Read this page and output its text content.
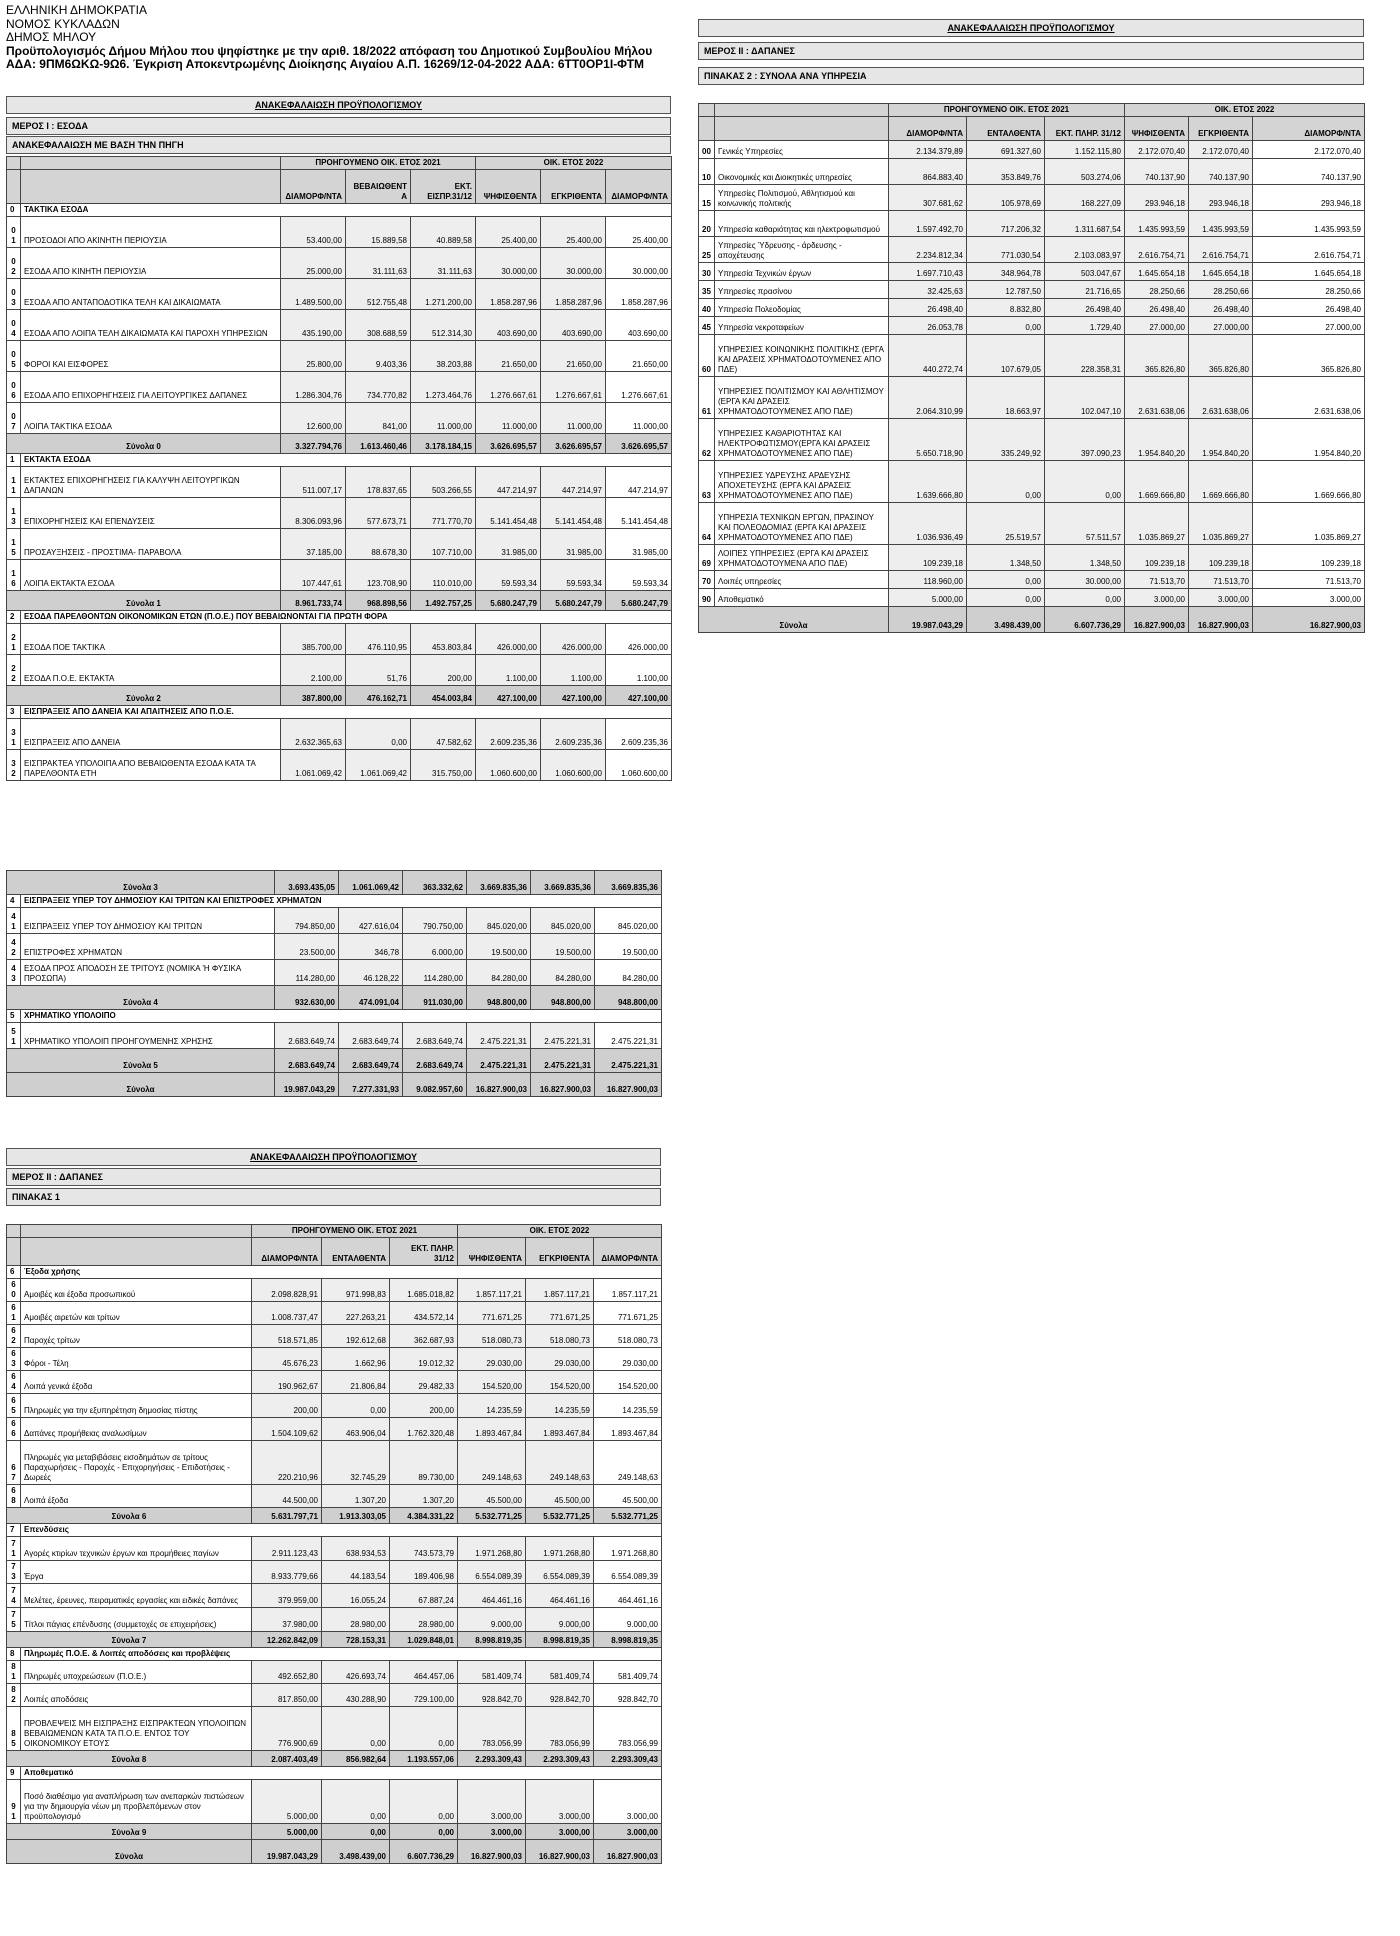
ΕΛΛΗΝΙΚΗ ΔΗΜΟΚΡΑΤΙΑ
ΝΟΜΟΣ ΚΥΚΛΑΔΩΝ
ΔΗΜΟΣ ΜΗΛΟΥ
Προϋπολογισμός Δήμου Μήλου που ψηφίστηκε με την αριθ. 18/2022 απόφαση του Δημοτικού Συμβουλίου Μήλου
ΑΔΑ: 9ΠΜ6ΩΚΩ-9Ω6. Έγκριση Αποκεντρωμένης Διοίκησης Αιγαίου Α.Π. 16269/12-04-2022 ΑΔΑ: 6ΤΤ0ΟΡ1Ι-ΦΤΜ
ΑΝΑΚΕΦΑΛΑΙΩΣΗ ΠΡΟΫΠΟΛΟΓΙΣΜΟΥ
ΜΕΡΟΣ Ι : ΕΣΟΔΑ
ΑΝΑΚΕΦΑΛΑΙΩΣΗ ΜΕ ΒΑΣΗ ΤΗΝ ΠΗΓΗ
		ΠΡΟΗΓΟΥΜΕΝΟ ΟΙΚ. ΕΤΟΣ 2021			ΟΙΚ. ΕΤΟΣ 2022		
		ΔΙΑΜΟΡΦ/ΝΤΑ	ΒΕΒΑΙΩΘΕΝΤΑ	ΕΚΤ. ΕΙΣΠΡ.31/12	ΨΗΦΙΣΘΕΝΤΑ	ΕΓΚΡΙΘΕΝΤΑ	ΔΙΑΜΟΡΦ/ΝΤΑ
0	ΤΑΚΤΙΚΑ ΕΣΟΔΑ						
01	ΠΡΟΣΟΔΟΙ ΑΠΟ ΑΚΙΝΗΤΗ ΠΕΡΙΟΥΣΙΑ	53.400,00	15.889,58	40.889,58	25.400,00	25.400,00	25.400,00
02	ΕΣΟΔΑ ΑΠΟ ΚΙΝΗΤΗ ΠΕΡΙΟΥΣΙΑ	25.000,00	31.111,63	31.111,63	30.000,00	30.000,00	30.000,00
03	ΕΣΟΔΑ ΑΠΟ ΑΝΤΑΠΟΔΟΤΙΚΑ ΤΕΛΗ ΚΑΙ ΔΙΚΑΙΩΜΑΤΑ	1.489.500,00	512.755,48	1.271.200,00	1.858.287,96	1.858.287,96	1.858.287,96
04	ΕΣΟΔΑ ΑΠΟ ΛΟΙΠΑ ΤΕΛΗ ΔΙΚΑΙΩΜΑΤΑ ΚΑΙ ΠΑΡΟΧΗ ΥΠΗΡΕΣΙΩΝ	435.190,00	308.688,59	512.314,30	403.690,00	403.690,00	403.690,00
05	ΦΟΡΟΙ ΚΑΙ ΕΙΣΦΟΡΕΣ	25.800,00	9.403,36	38.203,88	21.650,00	21.650,00	21.650,00
06	ΕΣΟΔΑ ΑΠΟ ΕΠΙΧΟΡΗΓΗΣΕΙΣ ΓΙΑ ΛΕΙΤΟΥΡΓΙΚΕΣ ΔΑΠΑΝΕΣ	1.286.304,76	734.770,82	1.273.464,76	1.276.667,61	1.276.667,61	1.276.667,61
07	ΛΟΙΠΑ ΤΑΚΤΙΚΑ ΕΣΟΔΑ	12.600,00	841,00	11.000,00	11.000,00	11.000,00	11.000,00
Σύνολα 0		3.327.794,76	1.613.460,46	3.178.184,15	3.626.695,57	3.626.695,57	3.626.695,57
1	ΕΚΤΑΚΤΑ ΕΣΟΔΑ						
11	ΕΚΤΑΚΤΕΣ ΕΠΙΧΟΡΗΓΗΣΕΙΣ ΓΙΑ ΚΑΛΥΨΗ ΛΕΙΤΟΥΡΓΙΚΩΝ ΔΑΠΑΝΩΝ	511.007,17	178.837,65	503.266,55	447.214,97	447.214,97	447.214,97
13	ΕΠΙΧΟΡΗΓΗΣΕΙΣ ΚΑΙ ΕΠΕΝΔΥΣΕΙΣ	8.306.093,96	577.673,71	771.770,70	5.141.454,48	5.141.454,48	5.141.454,48
15	ΠΡΟΣΑΥΞΗΣΕΙΣ - ΠΡΟΣΤΙΜΑ- ΠΑΡΑΒΟΛΑ	37.185,00	88.678,30	107.710,00	31.985,00	31.985,00	31.985,00
16	ΛΟΙΠΑ ΕΚΤΑΚΤΑ ΕΣΟΔΑ	107.447,61	123.708,90	110.010,00	59.593,34	59.593,34	59.593,34
Σύνολα 1		8.961.733,74	968.898,56	1.492.757,25	5.680.247,79	5.680.247,79	5.680.247,79
2	ΕΣΟΔΑ ΠΑΡΕΛΘΟΝΤΩΝ ΟΙΚΟΝΟΜΙΚΩΝ ΕΤΩΝ (Π.Ο.Ε.) ΠΟΥ ΒΕΒΑΙΩΝΟΝΤΑΙ ΓΙΑ ΠΡΩΤΗ ΦΟΡΑ						
21	ΕΣΟΔΑ ΠΟΕ ΤΑΚΤΙΚΑ	385.700,00	476.110,95	453.803,84	426.000,00	426.000,00	426.000,00
22	ΕΣΟΔΑ Π.Ο.Ε. ΕΚΤΑΚΤΑ	2.100,00	51,76	200,00	1.100,00	1.100,00	1.100,00
Σύνολα 2		387.800,00	476.162,71	454.003,84	427.100,00	427.100,00	427.100,00
3	ΕΙΣΠΡΑΞΕΙΣ ΑΠΟ ΔΑΝΕΙΑ ΚΑΙ ΑΠΑΙΤΗΣΕΙΣ ΑΠΟ Π.Ο.Ε.						
31	ΕΙΣΠΡΑΞΕΙΣ ΑΠΟ ΔΑΝΕΙΑ	2.632.365,63	0,00	47.582,62	2.609.235,36	2.609.235,36	2.609.235,36
32	ΕΙΣΠΡΑΚΤΕΑ ΥΠΟΛΟΙΠΑ ΑΠΟ ΒΕΒΑΙΩΘΕΝΤΑ ΕΣΟΔΑ ΚΑΤΑ ΤΑ ΠΑΡΕΛΘΟΝΤΑ ΕΤΗ	1.061.069,42	1.061.069,42	315.750,00	1.060.600,00	1.060.600,00	1.060.600,00
Σύνολα 3		3.693.435,05	1.061.069,42	363.332,62	3.669.835,36	3.669.835,36	3.669.835,36
4	ΕΙΣΠΡΑΞΕΙΣ ΥΠΕΡ ΤΟΥ ΔΗΜΟΣΙΟΥ ΚΑΙ ΤΡΙΤΩΝ ΚΑΙ ΕΠΙΣΤΡΟΦΕΣ ΧΡΗΜΑΤΩΝ						
41	ΕΙΣΠΡΑΞΕΙΣ ΥΠΕΡ ΤΟΥ ΔΗΜΟΣΙΟΥ ΚΑΙ ΤΡΙΤΩΝ	794.850,00	427.616,04	790.750,00	845.020,00	845.020,00	845.020,00
42	ΕΠΙΣΤΡΟΦΕΣ ΧΡΗΜΑΤΩΝ	23.500,00	346,78	6.000,00	19.500,00	19.500,00	19.500,00
43	ΕΣΟΔΑ ΠΡΟΣ ΑΠΟΔΟΣΗ ΣΕ ΤΡΙΤΟΥΣ (ΝΟΜΙΚΑ 'Η ΦΥΣΙΚΑ ΠΡΟΣΩΠΑ)	114.280,00	46.128,22	114.280,00	84.280,00	84.280,00	84.280,00
Σύνολα 4		932.630,00	474.091,04	911.030,00	948.800,00	948.800,00	948.800,00
5	ΧΡΗΜΑΤΙΚΟ ΥΠΟΛΟΙΠΟ						
51	ΧΡΗΜΑΤΙΚΟ ΥΠΟΛΟΙΠ ΠΡΟΗΓΟΥΜΕΝΗΣ ΧΡΗΣΗΣ	2.683.649,74	2.683.649,74	2.683.649,74	2.475.221,31	2.475.221,31	2.475.221,31
Σύνολα 5		2.683.649,74	2.683.649,74	2.683.649,74	2.475.221,31	2.475.221,31	2.475.221,31
Σύνολα		19.987.043,29	7.277.331,93	9.082.957,60	16.827.900,03	16.827.900,03	16.827.900,03
ΑΝΑΚΕΦΑΛΑΙΩΣΗ ΠΡΟΫΠΟΛΟΓΙΣΜΟΥ
ΜΕΡΟΣ ΙΙ : ΔΑΠΑΝΕΣ
ΠΙΝΑΚΑΣ 1
		ΠΡΟΗΓΟΥΜΕΝΟ ΟΙΚ. ΕΤΟΣ 2021			ΟΙΚ. ΕΤΟΣ 2022		
		ΔΙΑΜΟΡΦ/ΝΤΑ	ΕΝΤΑΛΘΕΝΤΑ	ΕΚΤ. ΠΛΗΡ. 31/12	ΨΗΦΙΣΘΕΝΤΑ	ΕΓΚΡΙΘΕΝΤΑ	ΔΙΑΜΟΡΦ/ΝΤΑ
6	Έξοδα χρήσης						
60	Αμοιβές και έξοδα προσωπικού	2.098.828,91	971.998,83	1.685.018,82	1.857.117,21	1.857.117,21	1.857.117,21
61	Αμοιβές αιρετών και τρίτων	1.008.737,47	227.263,21	434.572,14	771.671,25	771.671,25	771.671,25
62	Παροχές τρίτων	518.571,85	192.612,68	362.687,93	518.080,73	518.080,73	518.080,73
63	Φόροι - Τέλη	45.676,23	1.662,96	19.012,32	29.030,00	29.030,00	29.030,00
64	Λοιπά γενικά έξοδα	190.962,67	21.806,84	29.482,33	154.520,00	154.520,00	154.520,00
65	Πληρωμές για την εξυπηρέτηση δημοσίας πίστης	200,00	0,00	200,00	14.235,59	14.235,59	14.235,59
66	Δαπάνες προμήθειας αναλωσίμων	1.504.109,62	463.906,04	1.762.320,48	1.893.467,84	1.893.467,84	1.893.467,84
67	Πληρωμές για μεταβιβάσεις εισοδημάτων σε τρίτους Παραχωρήσεις - Παροχές - Επιχορηγήσεις - Επιδοτήσεις - Δωρεές	220.210,96	32.745,29	89.730,00	249.148,63	249.148,63	249.148,63
68	Λοιπά έξοδα	44.500,00	1.307,20	1.307,20	45.500,00	45.500,00	45.500,00
Σύνολα 6		5.631.797,71	1.913.303,05	4.384.331,22	5.532.771,25	5.532.771,25	5.532.771,25
7	Επενδύσεις						
71	Αγορές κτιρίων τεχνικών έργων και προμήθειες παγίων	2.911.123,43	638.934,53	743.573,79	1.971.268,80	1.971.268,80	1.971.268,80
73	Έργα	8.933.779,66	44.183,54	189.406,98	6.554.089,39	6.554.089,39	6.554.089,39
74	Μελέτες, έρευνες, πειραματικές εργασίες και ειδικές δαπάνες	379.959,00	16.055,24	67.887,24	464.461,16	464.461,16	464.461,16
75	Τίτλοι πάγιας επένδυσης (συμμετοχές σε επιχειρήσεις)	37.980,00	28.980,00	28.980,00	9.000,00	9.000,00	9.000,00
Σύνολα 7		12.262.842,09	728.153,31	1.029.848,01	8.998.819,35	8.998.819,35	8.998.819,35
8	Πληρωμές Π.Ο.Ε. & Λοιπές αποδόσεις και προβλέψεις						
81	Πληρωμές υποχρεώσεων (Π.Ο.Ε.)	492.652,80	426.693,74	464.457,06	581.409,74	581.409,74	581.409,74
82	Λοιπές αποδόσεις	817.850,00	430.288,90	729.100,00	928.842,70	928.842,70	928.842,70
85	ΠΡΟΒΛΕΨΕΙΣ ΜΗ ΕΙΣΠΡΑΞΗΣ ΕΙΣΠΡΑΚΤΕΩΝ ΥΠΟΛΟΙΠΩΝ ΒΕΒΑΙΩΜΕΝΩΝ ΚΑΤΑ ΤΑ Π.Ο.Ε. ΕΝΤΟΣ ΤΟΥ ΟΙΚΟΝΟΜΙΚΟΥ ΕΤΟΥΣ	776.900,69	0,00	0,00	783.056,99	783.056,99	783.056,99
Σύνολα 8		2.087.403,49	856.982,64	1.193.557,06	2.293.309,43	2.293.309,43	2.293.309,43
9	Αποθεματικό						
91	Ποσό διαθέσιμο για αναπλήρωση των ανεπαρκών πιστώσεων για την δημιουργία νέων μη προβλεπόμενων στον προϋπολογισμό	5.000,00	0,00	0,00	3.000,00	3.000,00	3.000,00
Σύνολα 9		5.000,00	0,00	0,00	3.000,00	3.000,00	3.000,00
Σύνολα		19.987.043,29	3.498.439,00	6.607.736,29	16.827.900,03	16.827.900,03	16.827.900,03
ΑΝΑΚΕΦΑΛΑΙΩΣΗ ΠΡΟΫΠΟΛΟΓΙΣΜΟΥ
ΜΕΡΟΣ ΙΙ : ΔΑΠΑΝΕΣ
ΠΙΝΑΚΑΣ 2 : ΣΥΝΟΛΑ ΑΝΑ ΥΠΗΡΕΣΙΑ
		ΠΡΟΗΓΟΥΜΕΝΟ ΟΙΚ. ΕΤΟΣ 2021			ΟΙΚ. ΕΤΟΣ 2022		
		ΔΙΑΜΟΡΦ/ΝΤΑ	ΕΝΤΑΛΘΕΝΤΑ	ΕΚΤ. ΠΛΗΡ. 31/12	ΨΗΦΙΣΘΕΝΤΑ	ΕΓΚΡΙΘΕΝΤΑ	ΔΙΑΜΟΡΦ/ΝΤΑ
00	Γενικές Υπηρεσίες	2.134.379,89	691.327,60	1.152.115,80	2.172.070,40	2.172.070,40	2.172.070,40
10	Οικονομικές και Διοικητικές υπηρεσίες	864.883,40	353.849,76	503.274,06	740.137,90	740.137,90	740.137,90
15	Υπηρεσίες Πολιτισμού, Αθλητισμού και κοινωνικής πολιτικής	307.681,62	105.978,69	168.227,09	293.946,18	293.946,18	293.946,18
20	Υπηρεσία καθαριότητας και ηλεκτροφωτισμού	1.597.492,70	717.206,32	1.311.687,54	1.435.993,59	1.435.993,59	1.435.993,59
25	Υπηρεσίες Ύδρευσης - άρδευσης - αποχέτευσης	2.234.812,34	771.030,54	2.103.083,97	2.616.754,71	2.616.754,71	2.616.754,71
30	Υπηρεσία Τεχνικών έργων	1.697.710,43	348.964,78	503.047,67	1.645.654,18	1.645.654,18	1.645.654,18
35	Υπηρεσίες πρασίνου	32.425,63	12.787,50	21.716,65	28.250,66	28.250,66	28.250,66
40	Υπηρεσία Πολεοδομίας	26.498,40	8.832,80	26.498,40	26.498,40	26.498,40	26.498,40
45	Υπηρεσία νεκροταφείων	26.053,78	0,00	1.729,40	27.000,00	27.000,00	27.000,00
60	ΥΠΗΡΕΣΙΕΣ ΚΟΙΝΩΝΙΚΗΣ ΠΟΛΙΤΙΚΗΣ (ΕΡΓΑ ΚΑΙ ΔΡΑΣΕΙΣ ΧΡΗΜΑΤΟΔΟΤΟΥΜΕΝΕΣ ΑΠΟ ΠΔΕ)	440.272,74	107.679,05	228.358,31	365.826,80	365.826,80	365.826,80
61	ΥΠΗΡΕΣΙΕΣ ΠΟΛΙΤΙΣΜΟΥ ΚΑΙ ΑΘΛΗΤΙΣΜΟΥ (ΕΡΓΑ ΚΑΙ ΔΡΑΣΕΙΣ ΧΡΗΜΑΤΟΔΟΤΟΥΜΕΝΕΣ ΑΠΟ ΠΔΕ)	2.064.310,99	18.663,97	102.047,10	2.631.638,06	2.631.638,06	2.631.638,06
62	ΥΠΗΡΕΣΙΕΣ ΚΑΘΑΡΙΟΤΗΤΑΣ ΚΑΙ ΗΛΕΚΤΡΟΦΩΤΙΣΜΟΥ(ΕΡΓΑ ΚΑΙ ΔΡΑΣΕΙΣ ΧΡΗΜΑΤΟΔΟΤΟΥΜΕΝΕΣ ΑΠΟ ΠΔΕ)	5.650.718,90	335.249,92	397.090,23	1.954.840,20	1.954.840,20	1.954.840,20
63	ΥΠΗΡΕΣΙΕΣ ΥΔΡΕΥΣΗΣ ΑΡΔΕΥΣΗΣ ΑΠΟΧΕΤΕΥΣΗΣ (ΕΡΓΑ ΚΑΙ ΔΡΑΣΕΙΣ ΧΡΗΜΑΤΟΔΟΤΟΥΜΕΝΕΣ ΑΠΟ ΠΔΕ)	1.639.666,80	0,00	0,00	1.669.666,80	1.669.666,80	1.669.666,80
64	ΥΠΗΡΕΣΙΑ ΤΕΧΝΙΚΩΝ ΕΡΓΩΝ, ΠΡΑΣΙΝΟΥ ΚΑΙ ΠΟΛΕΟΔΟΜΙΑΣ (ΕΡΓΑ ΚΑΙ ΔΡΑΣΕΙΣ ΧΡΗΜΑΤΟΔΟΤΟΥΜΕΝΕΣ ΑΠΟ ΠΔΕ)	1.036.936,49	25.519,57	57.511,57	1.035.869,27	1.035.869,27	1.035.869,27
69	ΛΟΙΠΕΣ ΥΠΗΡΕΣΙΕΣ (ΕΡΓΑ ΚΑΙ ΔΡΑΣΕΙΣ ΧΡΗΜΑΤΟΔΟΤΟΥΜΕΝΑ ΑΠΟ ΠΔΕ)	109.239,18	1.348,50	1.348,50	109.239,18	109.239,18	109.239,18
70	Λοιπές υπηρεσίες	118.960,00	0,00	30.000,00	71.513,70	71.513,70	71.513,70
90	Αποθεματικό	5.000,00	0,00	0,00	3.000,00	3.000,00	3.000,00
Σύνολα		19.987.043,29	3.498.439,00	6.607.736,29	16.827.900,03	16.827.900,03	16.827.900,03
